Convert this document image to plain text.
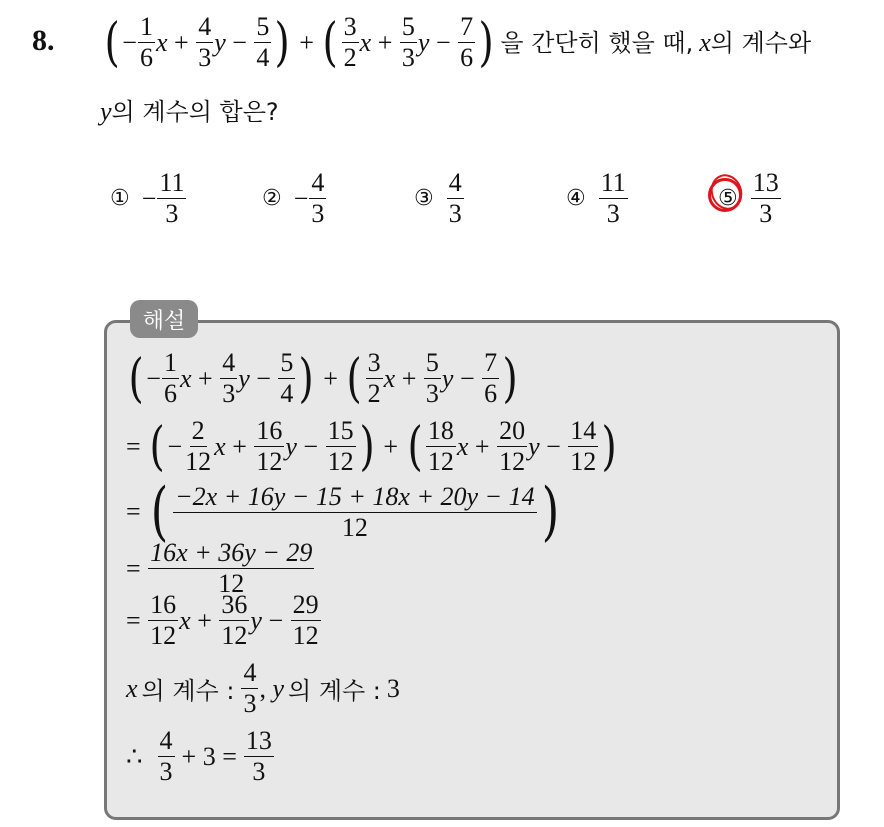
8. ( − $\frac{1}{6}$ $x + \frac{4}{3}$ $y - \frac{5}{4}$ ) + ( $\frac{3}{2}$ $x + \frac{5}{3}$ $y - \frac{7}{6}$ ) 을 간단히 했을 때, x 의 계수와
y 의 계수의 합은?
① − $\frac{11}{3}$	② − $\frac{4}{3}$	③ $\frac{4}{3}$	④ $\frac{11}{3}$	⑤ $\frac{13}{3}$
해설
( − $\frac{1}{6}$ $x + \frac{4}{3}$ $y - \frac{5}{4}$ ) + ( $\frac{3}{2}$ $x + \frac{5}{3}$ $y - \frac{7}{6}$ )
= ( − $\frac{2}{12}$ $x + \frac{16}{12}$ $y - \frac{15}{12}$ ) + ( $\frac{18}{12}$ $x + \frac{20}{12}$ $y - \frac{14}{12}$ )
= ( $\frac{-2x + 16y - 15 + 18x + 20y - 14}{12}$ )
= $\frac{16x + 36y - 29}{12}$
= $\frac{16}{12}$ $x + \frac{36}{12}$ $y - \frac{29}{12}$
x 의 계수 : $\frac{4}{3}$ , y 의 계수 : 3
∴ $\frac{4}{3} + 3 = \frac{13}{3}$
